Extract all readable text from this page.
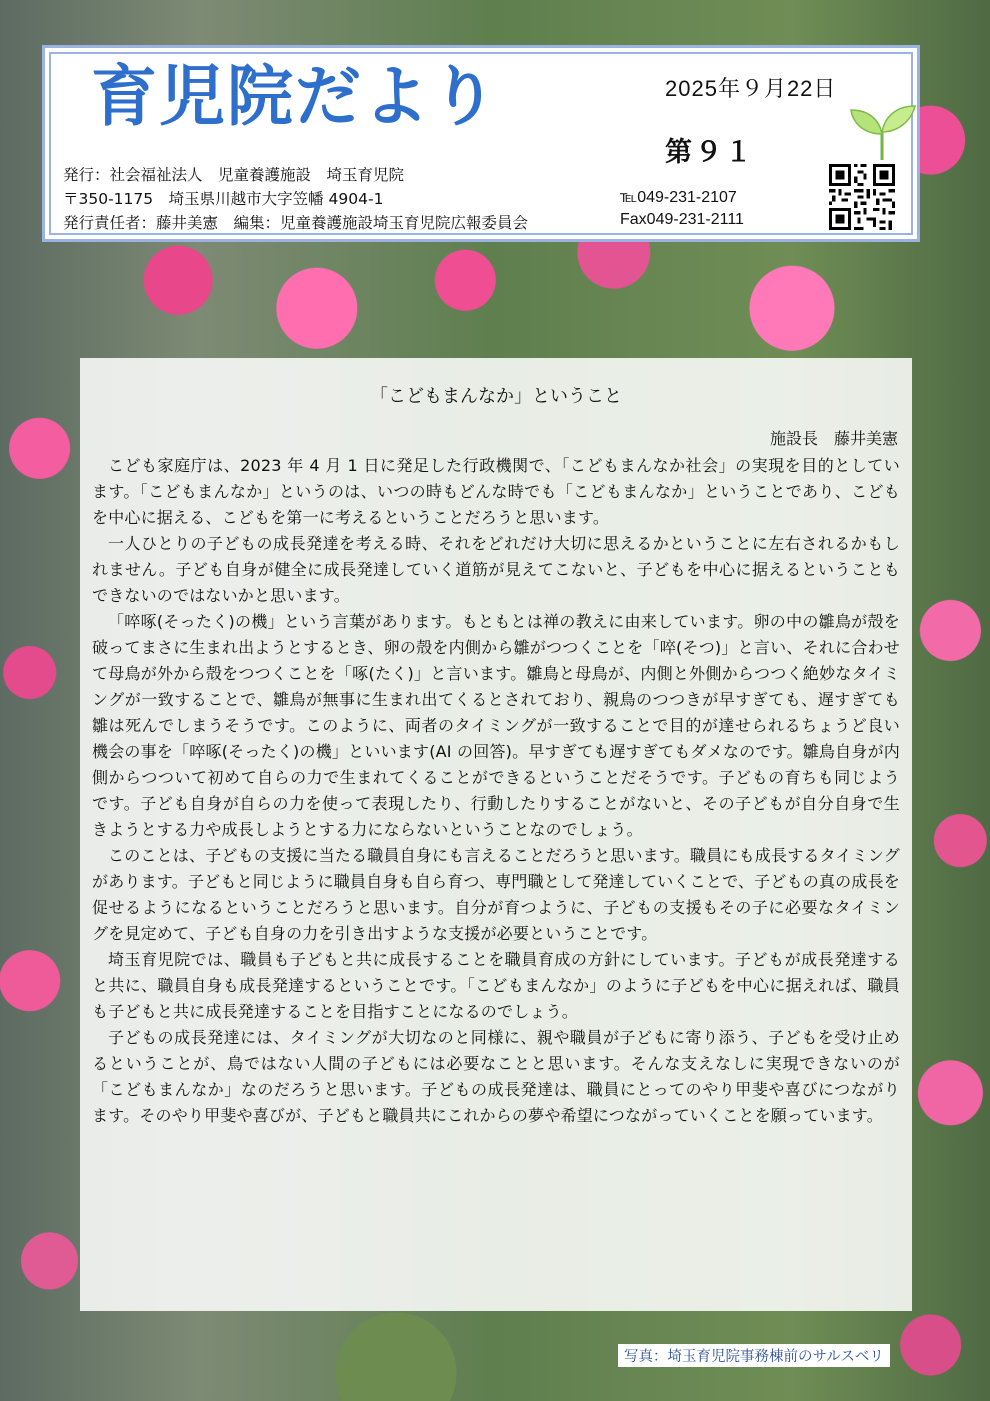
育児院だより	2025年９月22日
第９１
発行：社会福祉法人　児童養護施設　埼玉育児院
〒350-1175　埼玉県川越市大字笠幡 4904-1
発行責任者：藤井美憲　編集：児童養護施設埼玉育児院広報委員会
℡049-231-2107
Fax049-231-2111
「こどもまんなか」ということ

施設長　藤井美憲

こども家庭庁は、2023 年 4 月 1 日に発足した行政機関で、「こどもまんなか社会」の実現を目的としています。「こどもまんなか」というのは、いつの時もどんな時でも「こどもまんなか」ということであり、こどもを中心に据える、こどもを第一に考えるということだろうと思います。

一人ひとりの子どもの成長発達を考える時、それをどれだけ大切に思えるかということに左右されるかもしれません。子ども自身が健全に成長発達していく道筋が見えてこないと、子どもを中心に据えるということもできないのではないかと思います。

「啐啄(そったく)の機」という言葉があります。もともとは禅の教えに由来しています。卵の中の雛鳥が殻を破ってまさに生まれ出ようとするとき、卵の殻を内側から雛がつつくことを「啐(そつ)」と言い、それに合わせて母鳥が外から殻をつつくことを「啄(たく)」と言います。雛鳥と母鳥が、内側と外側からつつく絶妙なタイミングが一致することで、雛鳥が無事に生まれ出てくるとされており、親鳥のつつきが早すぎても、遅すぎても雛は死んでしまうそうです。このように、両者のタイミングが一致することで目的が達せられるちょうど良い機会の事を「啐啄(そったく)の機」といいます(AI の回答)。早すぎても遅すぎてもダメなのです。雛鳥自身が内側からつついて初めて自らの力で生まれてくることができるということだそうです。子どもの育ちも同じようです。子ども自身が自らの力を使って表現したり、行動したりすることがないと、その子どもが自分自身で生きようとする力や成長しようとする力にならないということなのでしょう。

このことは、子どもの支援に当たる職員自身にも言えることだろうと思います。職員にも成長するタイミングがあります。子どもと同じように職員自身も自ら育つ、専門職として発達していくことで、子どもの真の成長を促せるようになるということだろうと思います。自分が育つように、子どもの支援もその子に必要なタイミングを見定めて、子ども自身の力を引き出すような支援が必要ということです。

埼玉育児院では、職員も子どもと共に成長することを職員育成の方針にしています。子どもが成長発達すると共に、職員自身も成長発達するということです。「こどもまんなか」のように子どもを中心に据えれば、職員も子どもと共に成長発達することを目指すことになるのでしょう。

子どもの成長発達には、タイミングが大切なのと同様に、親や職員が子どもに寄り添う、子どもを受け止めるということが、鳥ではない人間の子どもには必要なことと思います。そんな支えなしに実現できないのが「こどもまんなか」なのだろうと思います。子どもの成長発達は、職員にとってのやり甲斐や喜びにつながります。そのやり甲斐や喜びが、子どもと職員共にこれからの夢や希望につながっていくことを願っています。

写真：埼玉育児院事務棟前のサルスベリ
